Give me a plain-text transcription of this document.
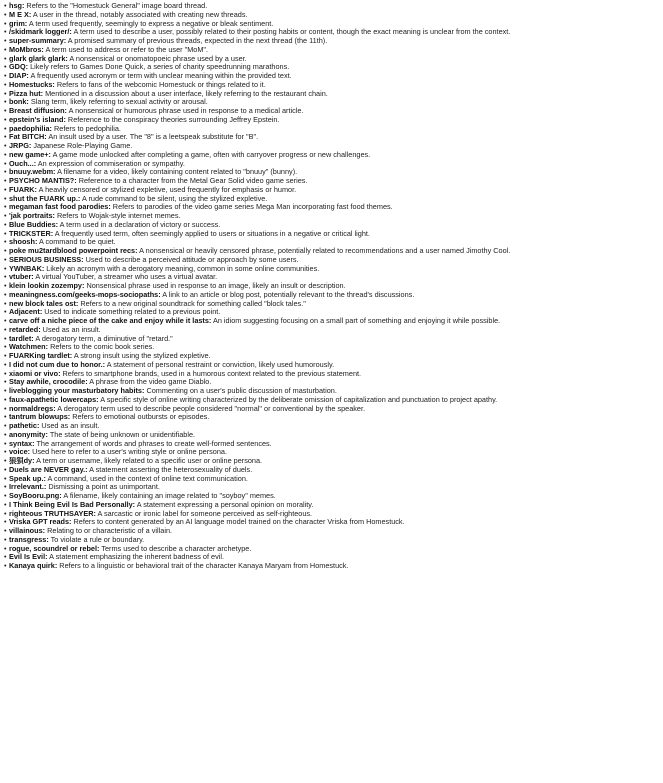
• hsg: Refers to the "Homestuck General" image board thread.
• M E X: A user in the thread, notably associated with creating new threads.
• grim: A term used frequently, seemingly to express a negative or bleak sentiment.
• /skidmark logger/: A term used to describe a user, possibly related to their posting habits or content, though the exact meaning is unclear from the context.
• super-summary: A promised summary of previous threads, expected in the next thread (the 11th).
• MoMbros: A term used to address or refer to the user "MoM".
• glark glark glark: A nonsensical or onomatopoeic phrase used by a user.
• GDQ: Likely refers to Games Done Quick, a series of charity speedrunning marathons.
• DIAP: A frequently used acronym or term with unclear meaning within the provided text.
• Homestucks: Refers to fans of the webcomic Homestuck or things related to it.
• Pizza hut: Mentioned in a discussion about a user interface, likely referring to the restaurant chain.
• bonk: Slang term, likely referring to sexual activity or arousal.
• Breast diffusion: A nonsensical or humorous phrase used in response to a medical article.
• epstein's island: Reference to the conspiracy theories surrounding Jeffrey Epstein.
• paedophilia: Refers to pedophilia.
• Fat BITCH: An insult used by a user. The "8" is a leetspeak substitute for "B".
• JRPG: Japanese Role-Playing Game.
• new game+: A game mode unlocked after completing a game, often with carryover progress or new challenges.
• Ouch...: An expression of commiseration or sympathy.
• bnuuy.webm: A filename for a video, likely containing content related to "bnuuy" (bunny).
• PSYCHO MANTIS?: Reference to a character from the Metal Gear Solid video game series.
• FUARK: A heavily censored or stylized expletive, used frequently for emphasis or humor.
• shut the FUARK up.: A rude command to be silent, using the stylized expletive.
• megaman fast food parodies: Refers to parodies of the video game series Mega Man incorporating fast food themes.
• 'jak portraits: Refers to Wojak-style internet memes.
• Blue Buddies: A term used in a declaration of victory or success.
• TRICKSTER: A frequently used term, often seemingly applied to users or situations in a negative or critical light.
• shoosh: A command to be quiet.
• poke mu2tardblood powerpoint recs: A nonsensical or heavily censored phrase, potentially related to recommendations and a user named Jimothy Cool.
• SERIOUS BUSINESS: Used to describe a perceived attitude or approach by some users.
• YWNBAK: Likely an acronym with a derogatory meaning, common in some online communities.
• vtuber: A virtual YouTuber, a streamer who uses a virtual avatar.
• klein lookin zozempy: Nonsensical phrase used in response to an image, likely an insult or description.
• meaningness.com/geeks-mops-sociopaths: A link to an article or blog post, potentially relevant to the thread's discussions.
• new block tales ost: Refers to a new original soundtrack for something called "block tales."
• Adjacent: Used to indicate something related to a previous point.
• carve off a niche piece of the cake and enjoy while it lasts: An idiom suggesting focusing on a small part of something and enjoying it while possible.
• retarded: Used as an insult.
• tardlet: A derogatory term, a diminutive of "retard."
• Watchmen: Refers to the comic book series.
• FUARKing tardlet: A strong insult using the stylized expletive.
• I did not cum due to honor.: A statement of personal restraint or conviction, likely used humorously.
• xiaomi or vivo: Refers to smartphone brands, used in a humorous context related to the previous statement.
• Stay awhile, crocodile: A phrase from the video game Diablo.
• liveblogging your masturbatory habits: Commenting on a user's public discussion of masturbation.
• faux-apathetic lowercaps: A specific style of online writing characterized by the deliberate omission of capitalization and punctuation to project apathy.
• normaldregs: A derogatory term used to describe people considered "normal" or conventional by the speaker.
• tantrum blowups: Refers to emotional outbursts or episodes.
• pathetic: Used as an insult.
• anonymity: The state of being unknown or unidentifiable.
• syntax: The arrangement of words and phrases to create well-formed sentences.
• voice: Used here to refer to a user's writing style or online persona.
• 狼狽dy: A term or username, likely related to a specific user or online persona.
• Duels are NEVER gay.: A statement asserting the heterosexuality of duels.
• Speak up.: A command, used in the context of online text communication.
• Irrelevant.: Dismissing a point as unimportant.
• SoyBooru.png: A filename, likely containing an image related to "soyboy" memes.
• I Think Being Evil Is Bad Personally: A statement expressing a personal opinion on morality.
• righteous TRUTHSAYER: A sarcastic or ironic label for someone perceived as self-righteous.
• Vriska GPT reads: Refers to content generated by an AI language model trained on the character Vriska from Homestuck.
• villainous: Relating to or characteristic of a villain.
• transgress: To violate a rule or boundary.
• rogue, scoundrel or rebel: Terms used to describe a character archetype.
• Evil Is Evil: A statement emphasizing the inherent badness of evil.
• Kanaya quirk: Refers to a linguistic or behavioral trait of the character Kanaya Maryam from Homestuck.
